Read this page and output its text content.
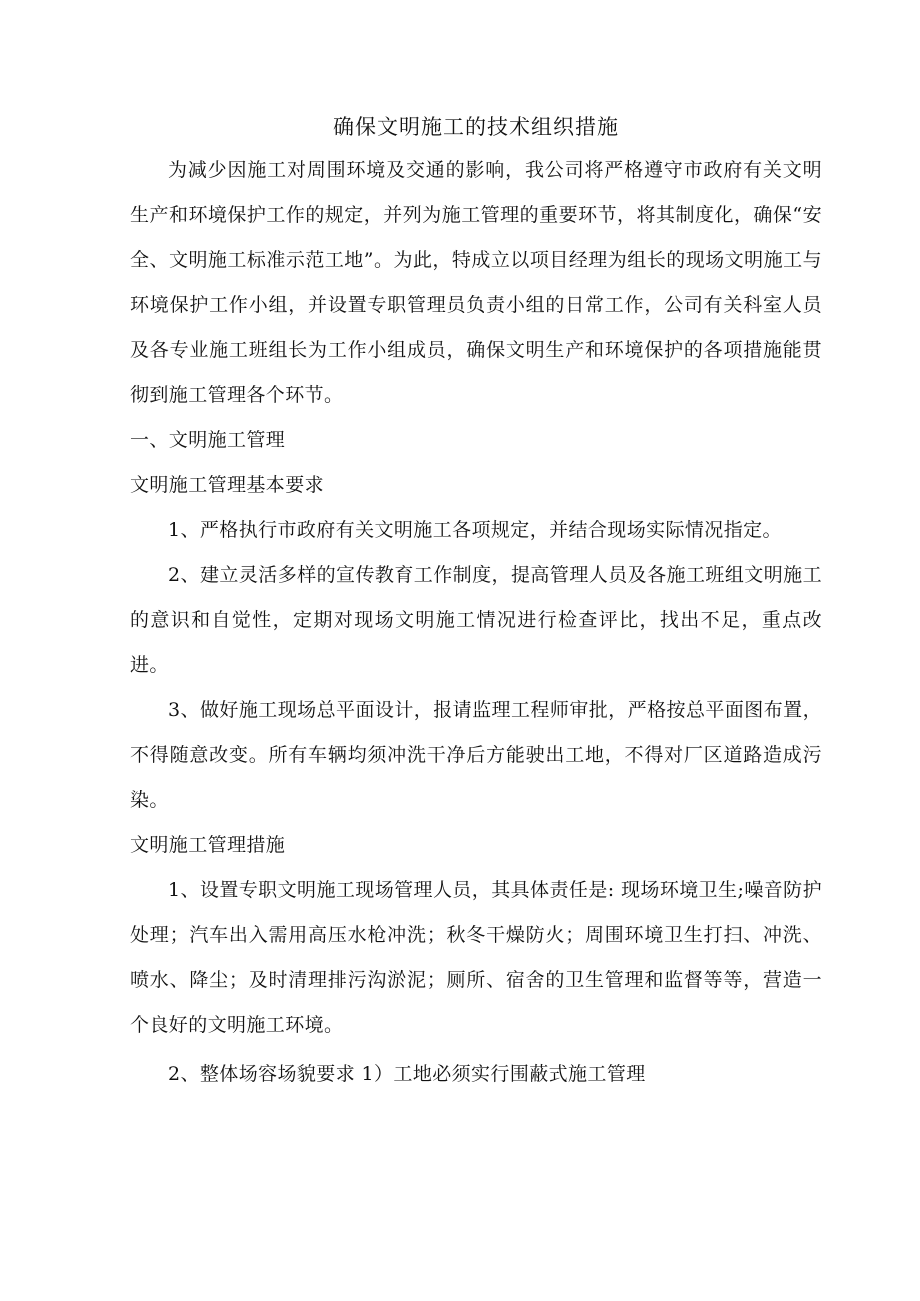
确保文明施工的技术组织措施

为减少因施工对周围环境及交通的影响，我公司将严格遵守市政府有关文明生产和环境保护工作的规定，并列为施工管理的重要环节，将其制度化，确保“安全、文明施工标准示范工地”。为此，特成立以项目经理为组长的现场文明施工与环境保护工作小组，并设置专职管理员负责小组的日常工作，公司有关科室人员及各专业施工班组长为工作小组成员，确保文明生产和环境保护的各项措施能贯彻到施工管理各个环节。

一、文明施工管理

文明施工管理基本要求

1、严格执行市政府有关文明施工各项规定，并结合现场实际情况指定。

2、建立灵活多样的宣传教育工作制度，提高管理人员及各施工班组文明施工的意识和自觉性，定期对现场文明施工情况进行检查评比，找出不足，重点改进。

3、做好施工现场总平面设计，报请监理工程师审批，严格按总平面图布置，不得随意改变。所有车辆均须冲洗干净后方能驶出工地，不得对厂区道路造成污染。

文明施工管理措施

1、设置专职文明施工现场管理人员，其具体责任是: 现场环境卫生;噪音防护处理；汽车出入需用高压水枪冲洗；秋冬干燥防火；周围环境卫生打扫、冲洗、喷水、降尘；及时清理排污沟淤泥；厕所、宿舍的卫生管理和监督等等，营造一个良好的文明施工环境。

2、整体场容场貌要求 1）工地必须实行围蔽式施工管理
